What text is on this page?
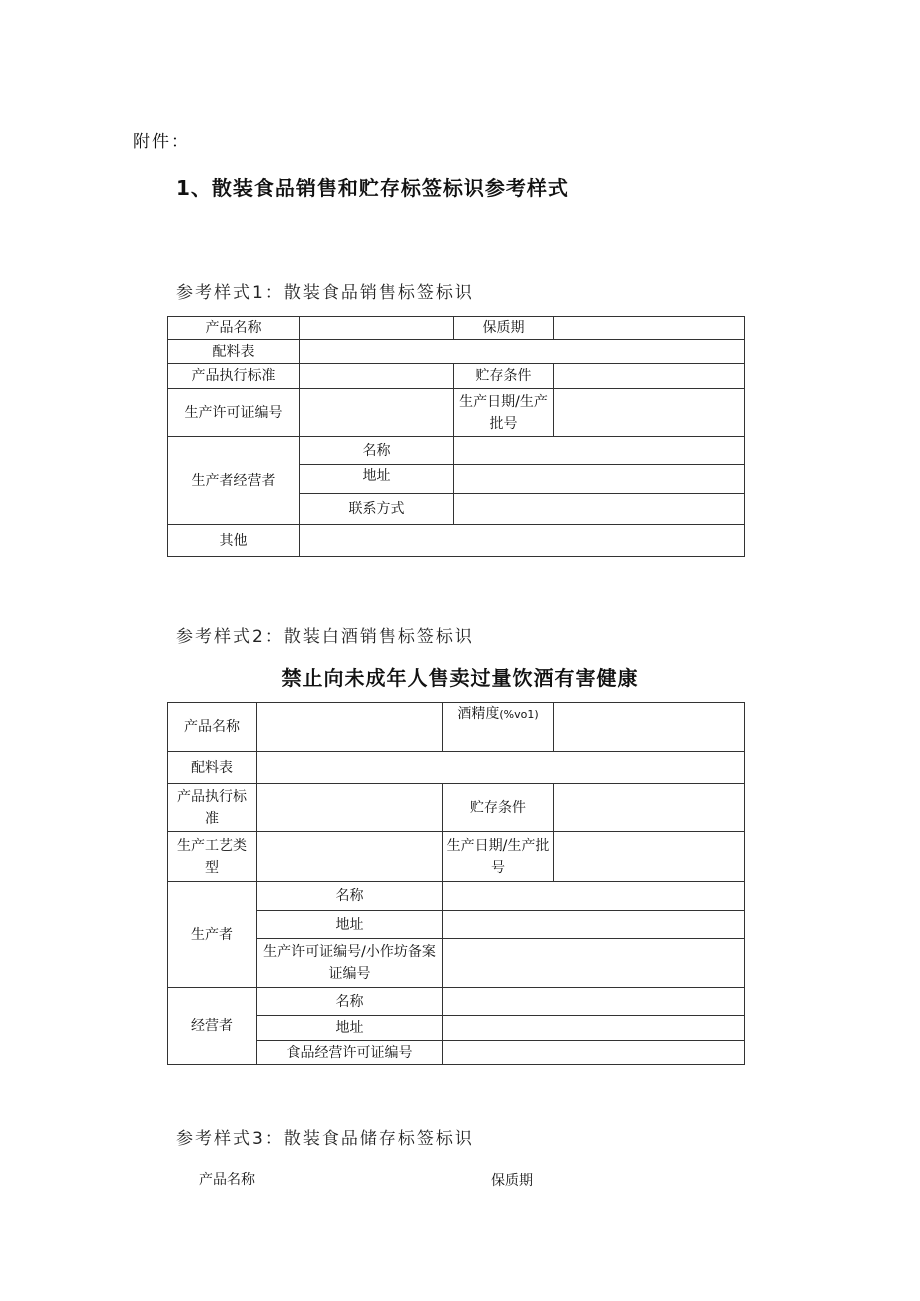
附件：
1、散装食品销售和贮存标签标识参考样式
参考样式1：散装食品销售标签标识
产品名称		保质期	
配料表			
产品执行标准		贮存条件	
生产许可证编号		生产日期/生产批号	
生产者经营者	名称		
	地址		
	联系方式		
其他			
参考样式2：散装白酒销售标签标识
禁止向未成年人售卖过量饮酒有害健康
产品名称		酒精度(%vo1)	
配料表			
产品执行标准		贮存条件	
生产工艺类型		生产日期/生产批号	
生产者	名称		
	地址		
	生产许可证编号/小作坊备案证编号		
经营者	名称		
	地址		
	食品经营许可证编号		
参考样式3：散装食品储存标签标识
产品名称	保质期
